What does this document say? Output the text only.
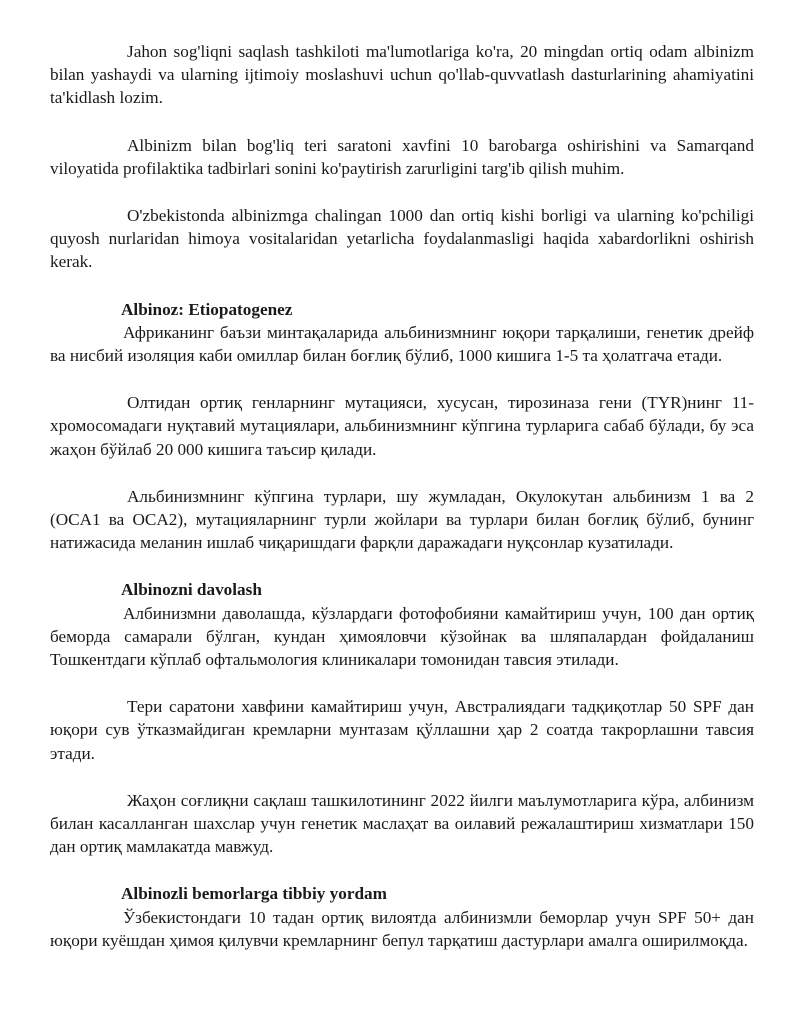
Jahon sog'liqni saqlash tashkiloti ma'lumotlariga ko'ra, 20 mingdan ortiq odam albinizm bilan yashaydi va ularning ijtimoiy moslashuvi uchun qo'llab-quvvatlash dasturlarining ahamiyatini ta'kidlash lozim.

Albinizm bilan bog'liq teri saratoni xavfini 10 barobarga oshirishini va Samarqand viloyatida profilaktika tadbirlari sonini ko'paytirish zarurligini targ'ib qilish muhim.

O'zbekistonda albinizmga chalingan 1000 dan ortiq kishi borligi va ularning ko'pchiligi quyosh nurlaridan himoya vositalaridan yetarlicha foydalanmasligi haqida xabardorlikni oshirish kerak.

Albinoz: Etiopatogenez

Африканинг баъзи минтақаларида альбинизмнинг юқори тарқалиши, генетик дрейф ва нисбий изоляция каби омиллар билан боғлиқ бўлиб, 1000 кишига 1-5 та ҳолатгача етади.

Олтидан ортиқ генларнинг мутацияси, хусусан, тирозиназа гени (TYR)нинг 11-хромосомадаги нуқтавий мутациялари, альбинизмнинг кўпгина турларига сабаб бўлади, бу эса жаҳон бўйлаб 20 000 кишига таъсир қилади.

Альбинизмнинг кўпгина турлари, шу жумладан, Окулокутан альбинизм 1 ва 2 (OCA1 ва OCA2), мутацияларнинг турли жойлари ва турлари билан боғлиқ бўлиб, бунинг натижасида меланин ишлаб чиқаришдаги фарқли даражадаги нуқсонлар кузатилади.

Albinozni davolash

Албинизмни даволашда, кўзлардаги фотофобияни камайтириш учун, 100 дан ортиқ беморда самарали бўлган, кундан ҳимояловчи кўзойнак ва шляпалардан фойдаланиш Тошкентдаги кўплаб офтальмология клиникалари томонидан тавсия этилади.

Тери саратони хавфини камайтириш учун, Австралиядаги тадқиқотлар 50 SPF дан юқори сув ўтказмайдиган кремларни мунтазам қўллашни ҳар 2 соатда такрорлашни тавсия этади.

Жаҳон соғлиқни сақлаш ташкилотининг 2022 йилги маълумотларига кўра, албинизм билан касалланган шахслар учун генетик маслаҳат ва оилавий режалаштириш хизматлари 150 дан ортиқ мамлакатда мавжуд.

Albinozli bemorlarga tibbiy yordam

Ўзбекистондаги 10 тадан ортиқ вилоятда албинизмли беморлар учун SPF 50+ дан юқори куёшдан ҳимоя қилувчи кремларнинг бепул тарқатиш дастурлари амалга оширилмоқда.
